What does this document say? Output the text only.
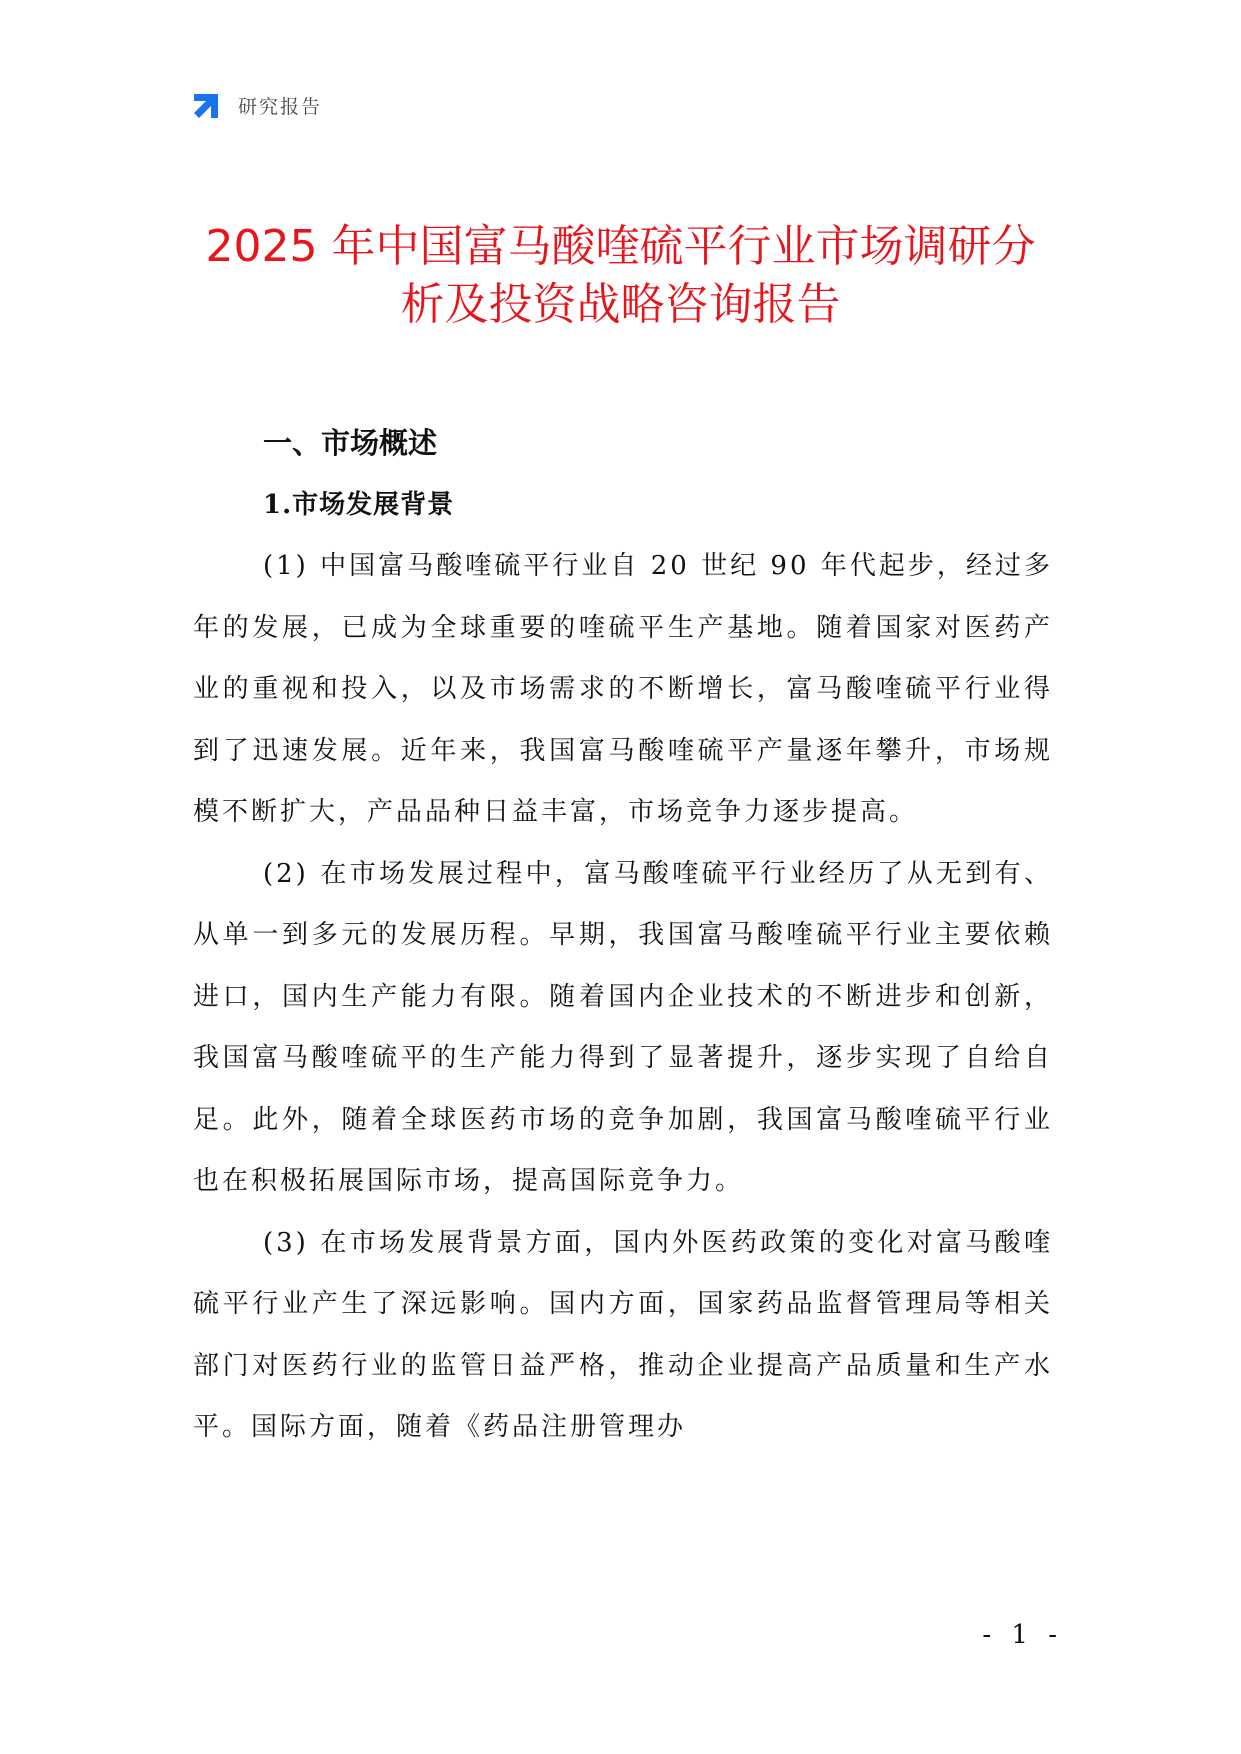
研究报告
2025 年中国富马酸喹硫平行业市场调研分
析及投资战略咨询报告
一、市场概述
1.市场发展背景

(1) 中国富马酸喹硫平行业自 20 世纪 90 年代起步，经过多年的发展，已成为全球重要的喹硫平生产基地。随着国家对医药产业的重视和投入，以及市场需求的不断增长，富马酸喹硫平行业得到了迅速发展。近年来，我国富马酸喹硫平产量逐年攀升，市场规模不断扩大，产品品种日益丰富，市场竞争力逐步提高。

(2) 在市场发展过程中，富马酸喹硫平行业经历了从无到有、从单一到多元的发展历程。早期，我国富马酸喹硫平行业主要依赖进口，国内生产能力有限。随着国内企业技术的不断进步和创新，我国富马酸喹硫平的生产能力得到了显著提升，逐步实现了自给自足。此外，随着全球医药市场的竞争加剧，我国富马酸喹硫平行业也在积极拓展国际市场，提高国际竞争力。

(3) 在市场发展背景方面，国内外医药政策的变化对富马酸喹硫平行业产生了深远影响。国内方面，国家药品监督管理局等相关部门对医药行业的监管日益严格，推动企业提高产品质量和生产水平。国际方面，随着《药品注册管理办

- 1 -
